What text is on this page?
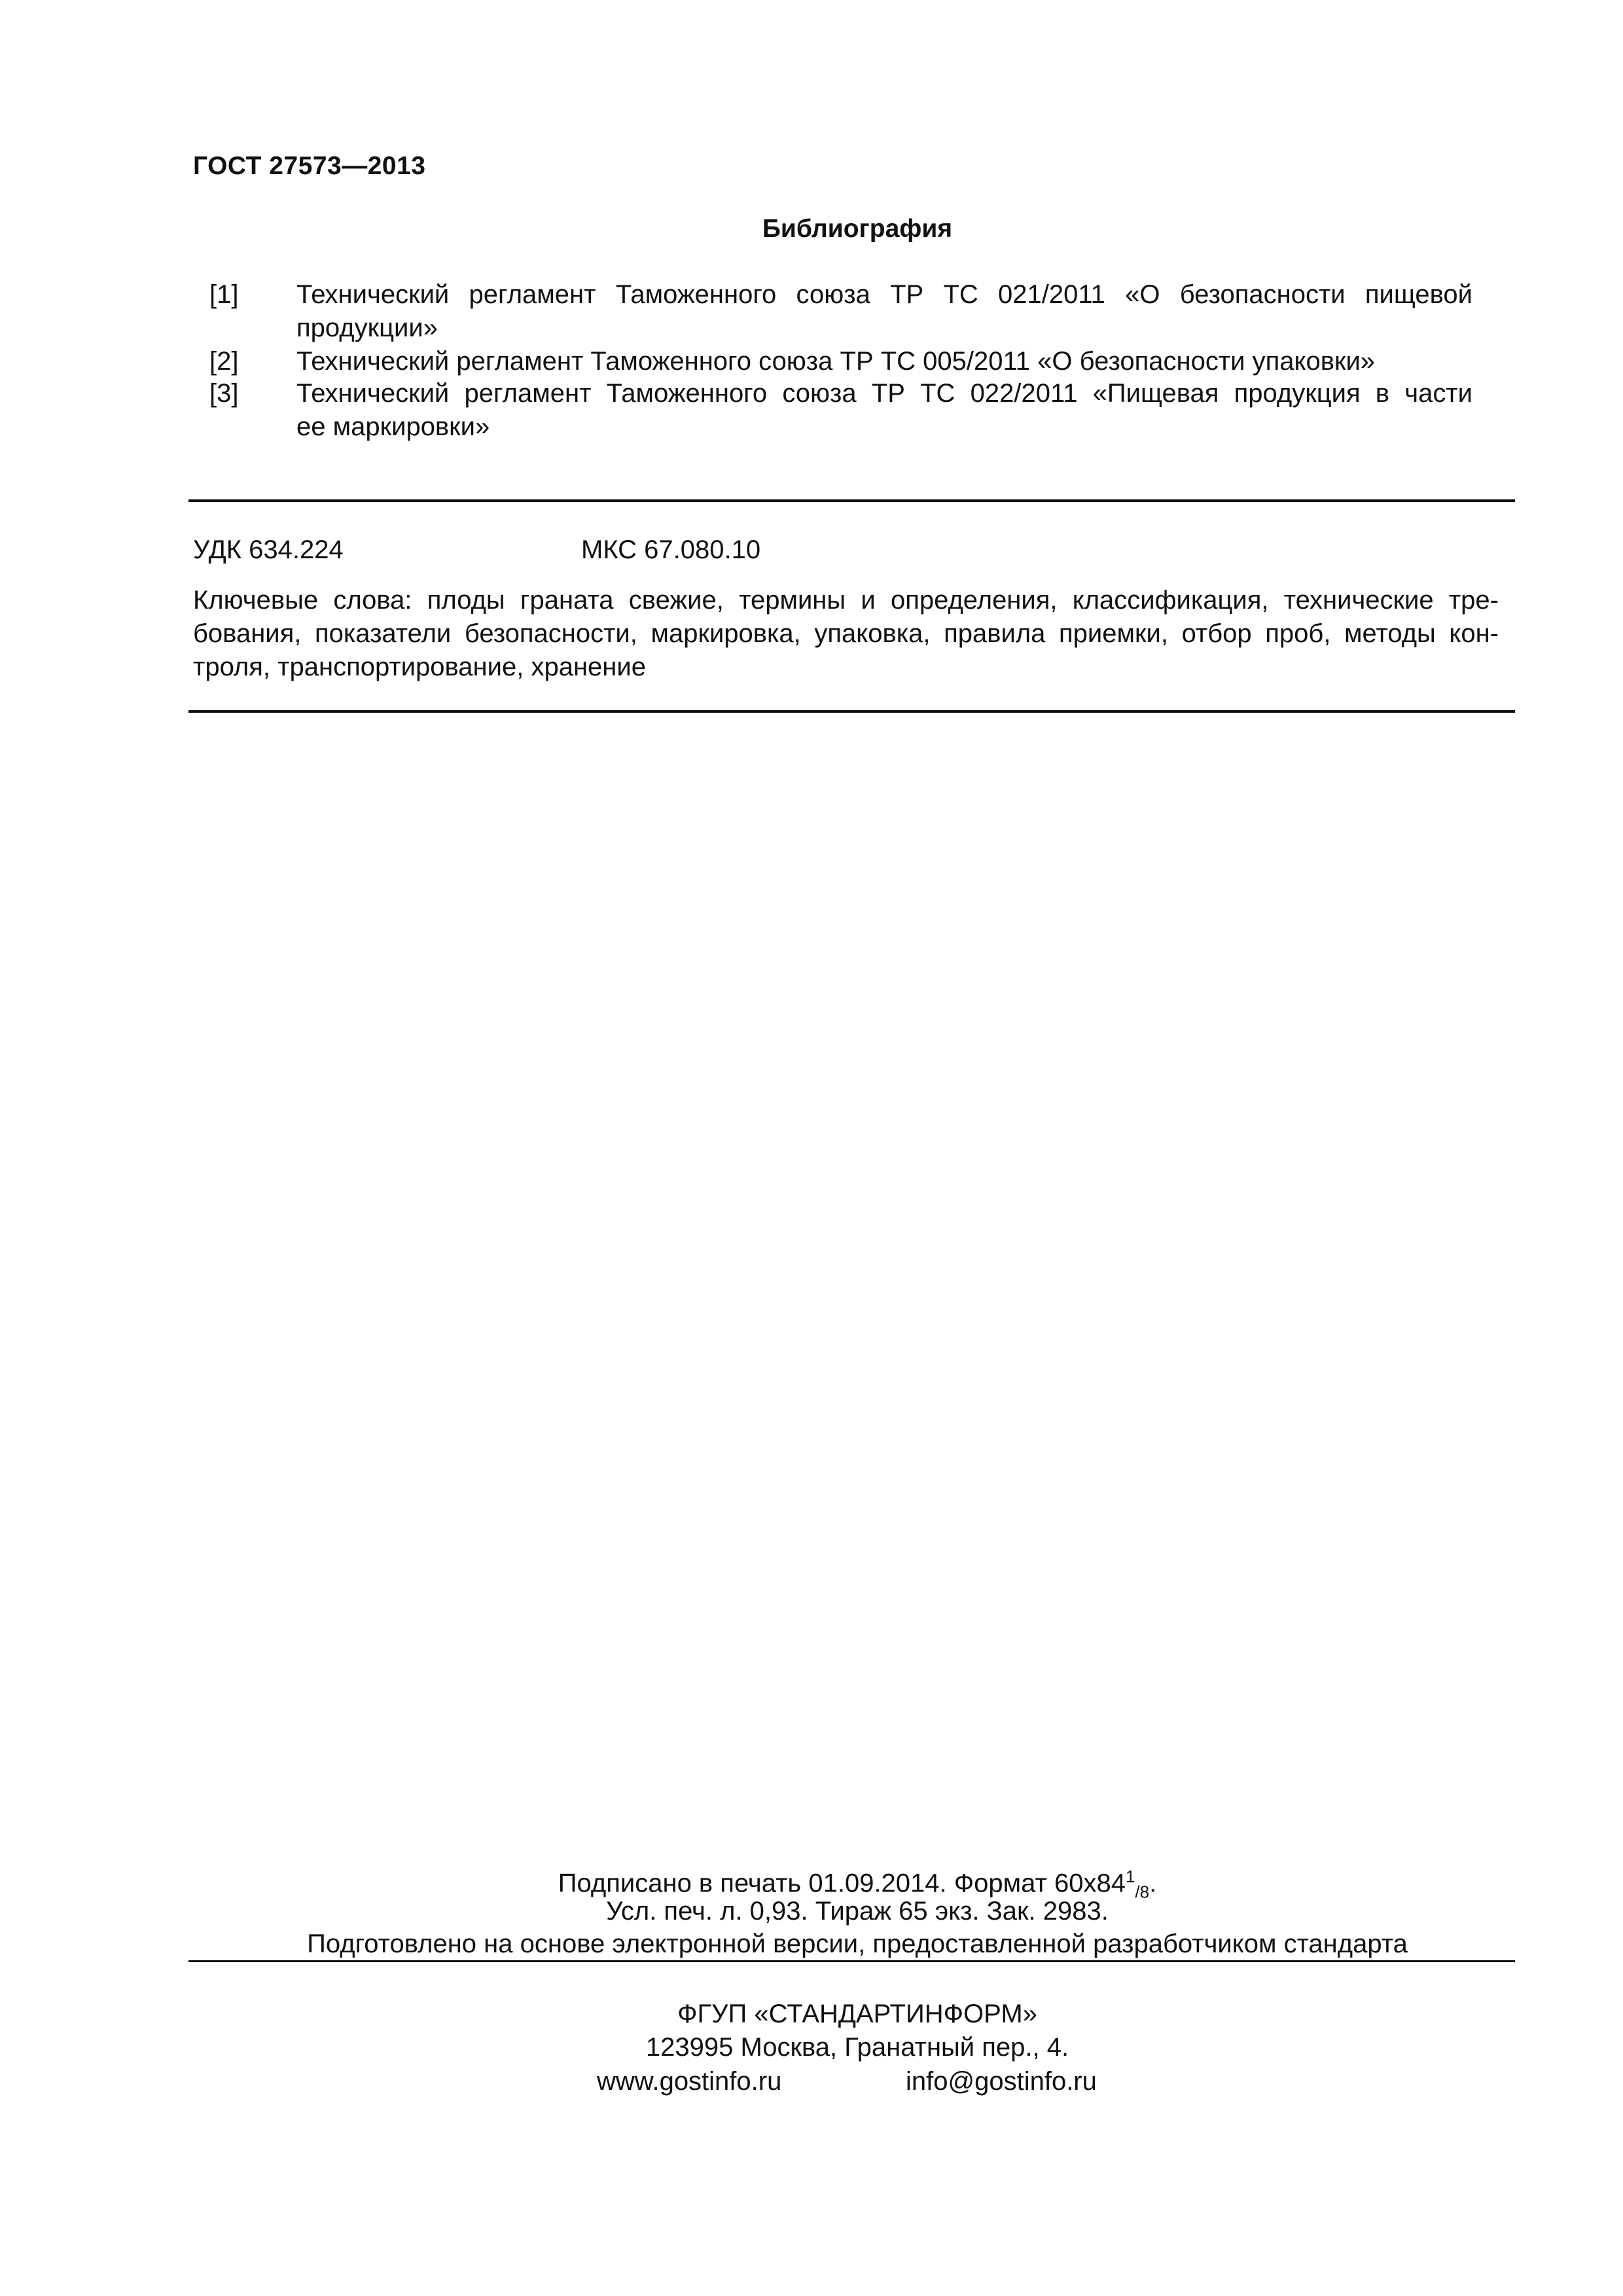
ГОСТ 27573—2013
Библиография
[1]	Технический регламент Таможенного союза ТР ТС 021/2011 «О безопасности пищевой
продукции»
[2]	Технический регламент Таможенного союза ТР ТС 005/2011 «О безопасности упаковки»
[3]	Технический регламент Таможенного союза ТР ТС 022/2011 «Пищевая продукция в части
ее маркировки»
УДК 634.224	МКС 67.080.10
Ключевые слова: плоды граната свежие, термины и определения, классификация, технические тре-
бования, показатели безопасности, маркировка, упаковка, правила приемки, отбор проб, методы кон-
троля, транспортирование, хранение
Подписано в печать 01.09.2014. Формат $60х84^1_{/8}$.
Усл. печ. л. 0,93. Тираж 65 экз. Зак. 2983.
Подготовлено на основе электронной версии, предоставленной разработчиком стандарта
ФГУП «СТАНДАРТИНФОРМ»
123995 Москва, Гранатный пер., 4.
www.gostinfo.ru	info@gostinfo.ru
